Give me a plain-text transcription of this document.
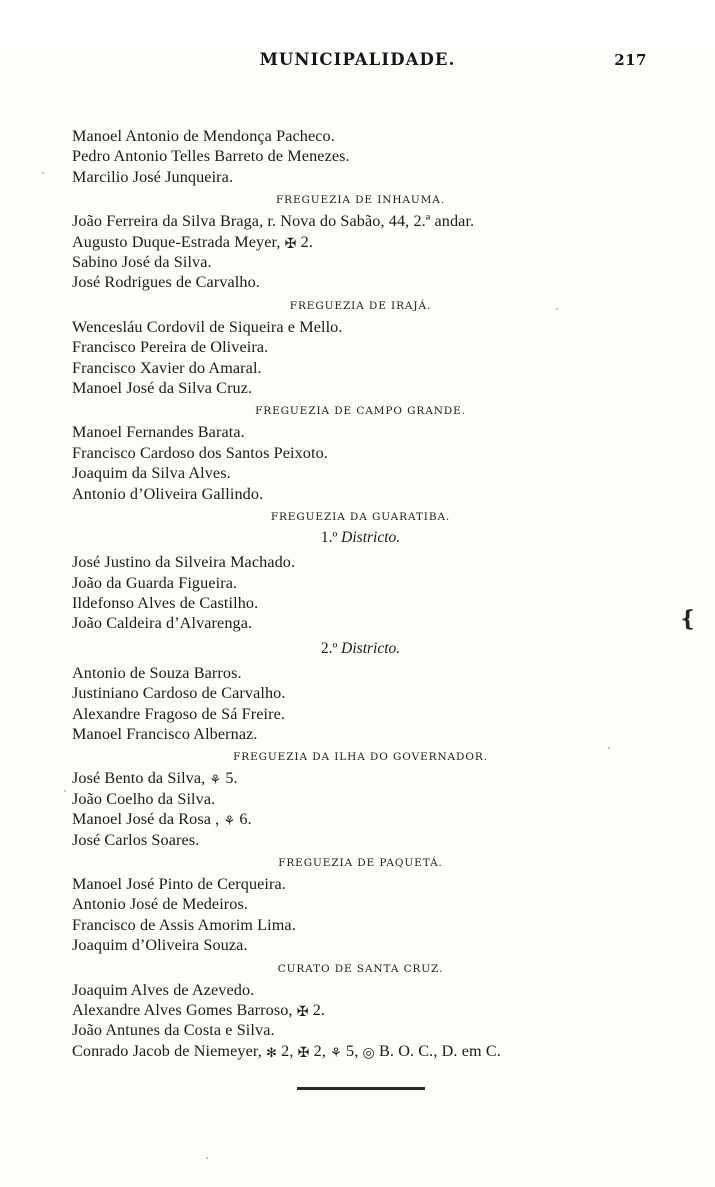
MUNICIPALIDADE.	217
❴
Manoel Antonio de Mendonça Pacheco.
Pedro Antonio Telles Barreto de Menezes.
Marcilio José Junqueira.
FREGUEZIA DE INHAUMA.
João Ferreira da Silva Braga, r. Nova do Sabão, 44, 2.ª andar.
Augusto Duque-Estrada Meyer, ✠ 2.
Sabino José da Silva.
José Rodrigues de Carvalho.
FREGUEZIA DE IRAJÁ.
Wencesláu Cordovil de Siqueira e Mello.
Francisco Pereira de Oliveira.
Francisco Xavier do Amaral.
Manoel José da Silva Cruz.
FREGUEZIA DE CAMPO GRANDE.
Manoel Fernandes Barata.
Francisco Cardoso dos Santos Peixoto.
Joaquim da Silva Alves.
Antonio d’Oliveira Gallindo.
FREGUEZIA DA GUARATIBA.
1.º Districto.
José Justino da Silveira Machado.
João da Guarda Figueira.
Ildefonso Alves de Castilho.
João Caldeira d’Alvarenga.
2.º Districto.
Antonio de Souza Barros.
Justiniano Cardoso de Carvalho.
Alexandre Fragoso de Sá Freire.
Manoel Francisco Albernaz.
FREGUEZIA DA ILHA DO GOVERNADOR.
José Bento da Silva, ⚘ 5.
João Coelho da Silva.
Manoel José da Rosa , ⚘ 6.
José Carlos Soares.
FREGUEZIA DE PAQUETÁ.
Manoel José Pinto de Cerqueira.
Antonio José de Medeiros.
Francisco de Assis Amorim Lima.
Joaquim d’Oliveira Souza.
CURATO DE SANTA CRUZ.
Joaquim Alves de Azevedo.
Alexandre Alves Gomes Barroso, ✠ 2.
João Antunes da Costa e Silva.
Conrado Jacob de Niemeyer, ✻ 2, ✠ 2, ⚘ 5, ◎ B. O. C., D. em C.
